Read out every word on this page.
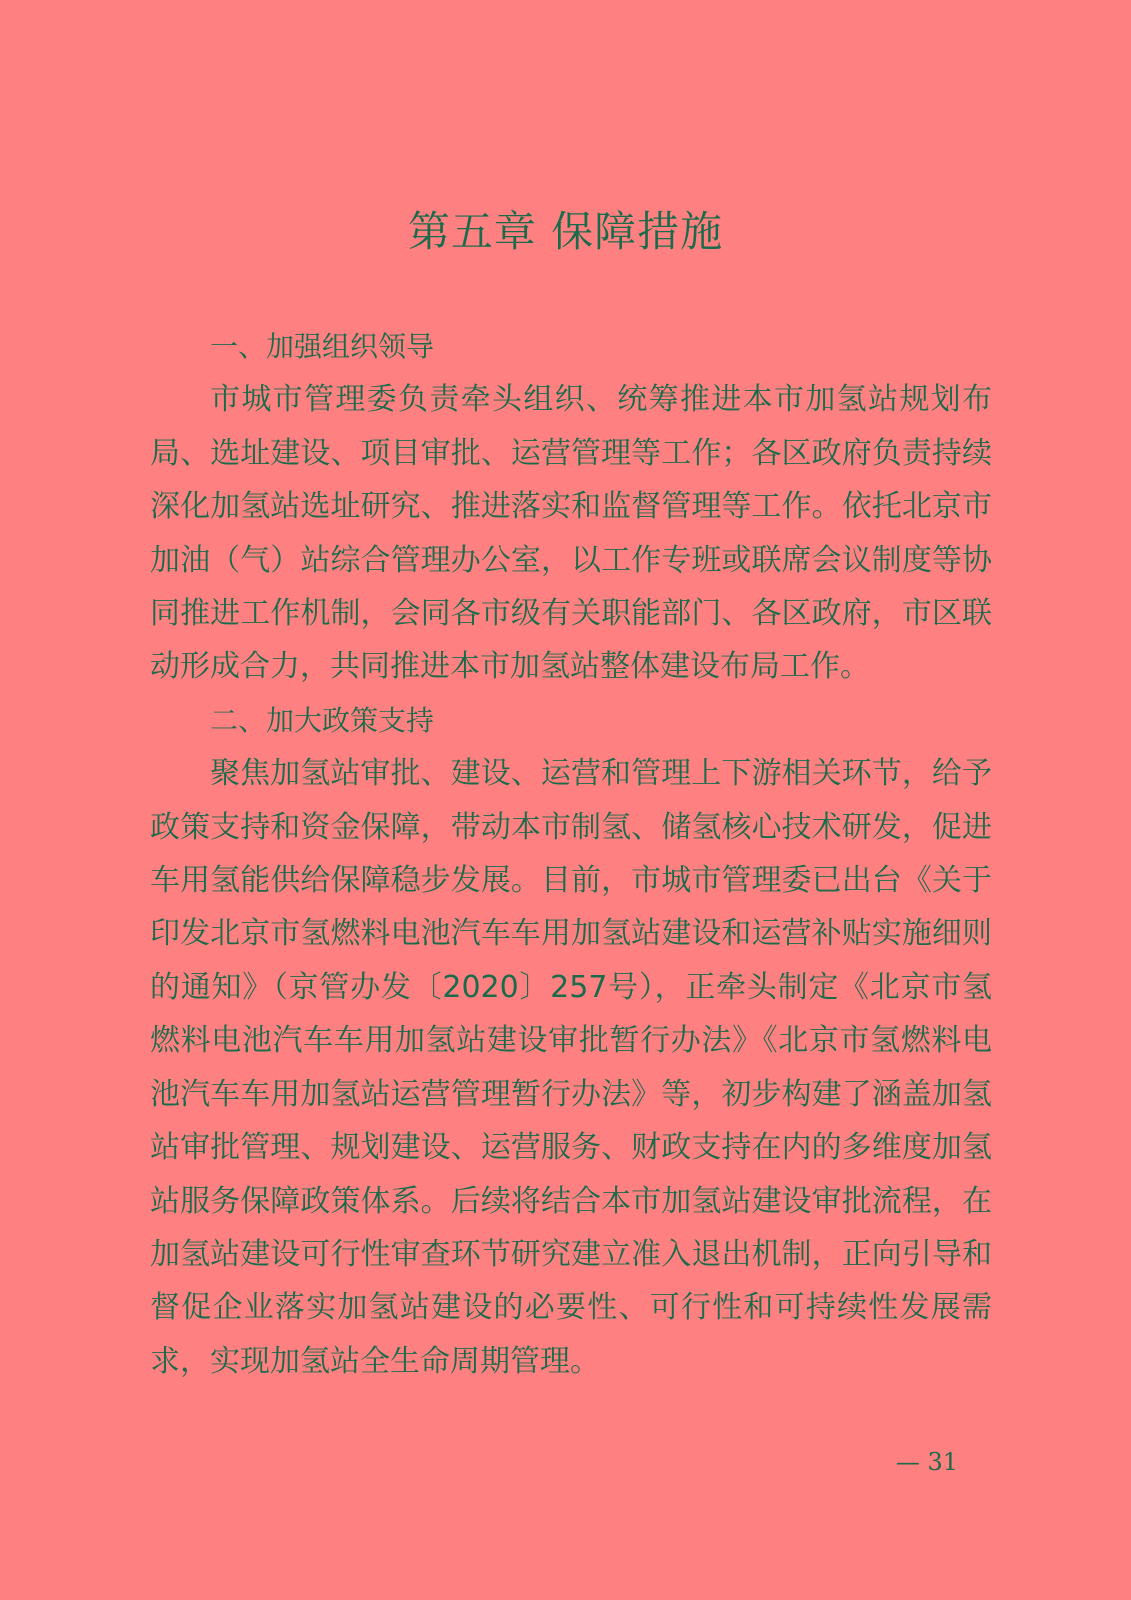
第五章 保障措施

一、加强组织领导

市城市管理委负责牵头组织、统筹推进本市加氢站规划布局、选址建设、项目审批、运营管理等工作；各区政府负责持续深化加氢站选址研究、推进落实和监督管理等工作。依托北京市加油（气）站综合管理办公室，以工作专班或联席会议制度等协同推进工作机制，会同各市级有关职能部门、各区政府，市区联动形成合力，共同推进本市加氢站整体建设布局工作。

二、加大政策支持

聚焦加氢站审批、建设、运营和管理上下游相关环节，给予政策支持和资金保障，带动本市制氢、储氢核心技术研发，促进车用氢能供给保障稳步发展。目前，市城市管理委已出台《关于印发北京市氢燃料电池汽车车用加氢站建设和运营补贴实施细则的通知》（京管办发〔2020〕257号），正牵头制定《北京市氢燃料电池汽车车用加氢站建设审批暂行办法》《北京市氢燃料电池汽车车用加氢站运营管理暂行办法》等，初步构建了涵盖加氢站审批管理、规划建设、运营服务、财政支持在内的多维度加氢站服务保障政策体系。后续将结合本市加氢站建设审批流程，在加氢站建设可行性审查环节研究建立准入退出机制，正向引导和督促企业落实加氢站建设的必要性、可行性和可持续性发展需求，实现加氢站全生命周期管理。

— 31
